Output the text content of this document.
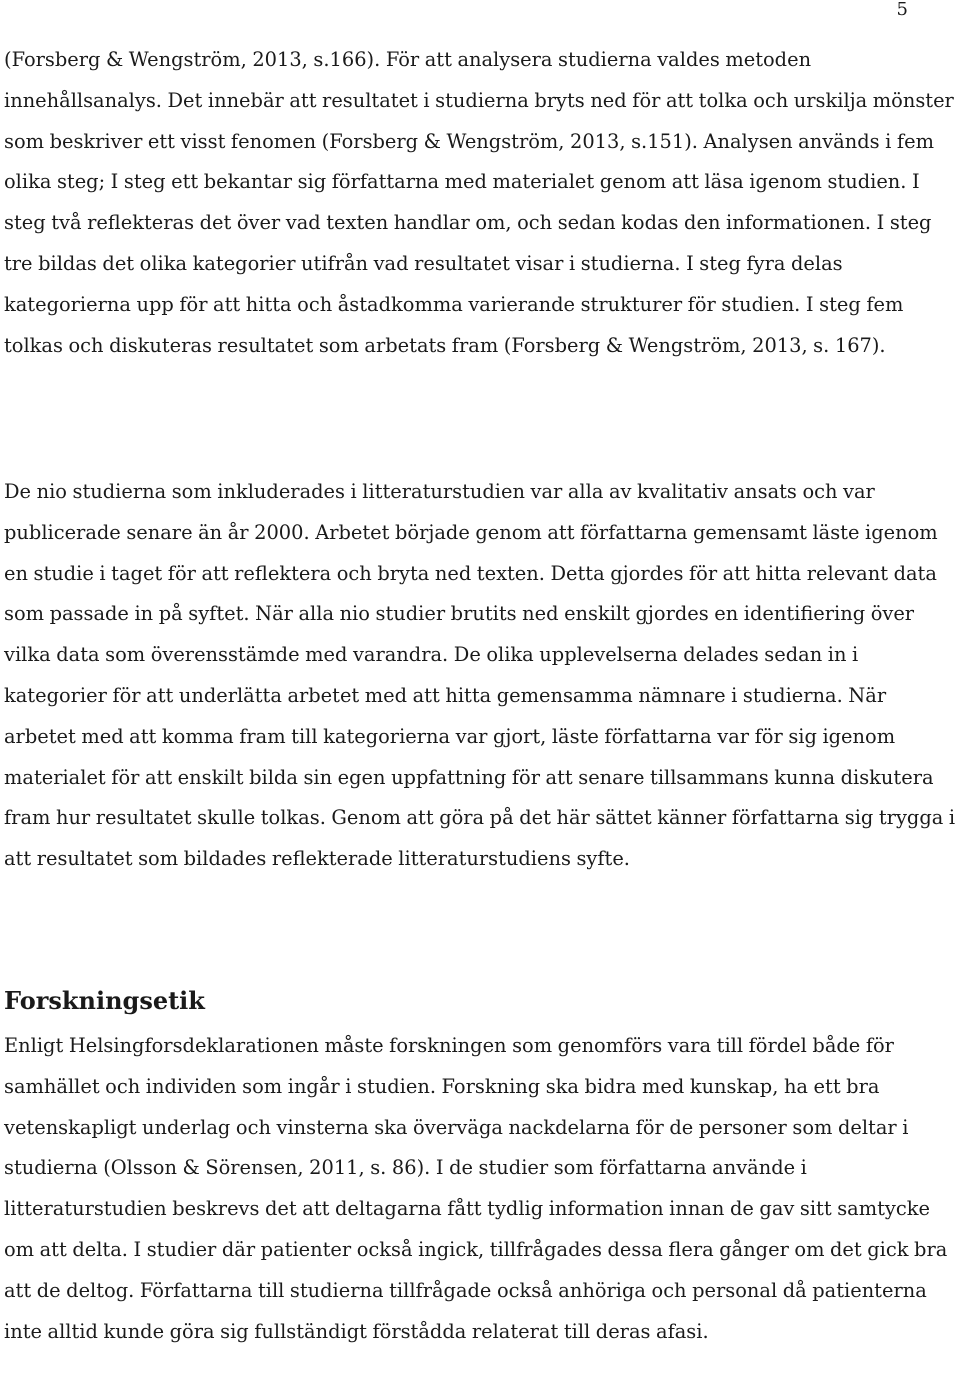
5

(Forsberg & Wengström, 2013, s.166). För att analysera studierna valdes metoden innehållsanalys. Det innebär att resultatet i studierna bryts ned för att tolka och urskilja mönster som beskriver ett visst fenomen (Forsberg & Wengström, 2013, s.151). Analysen används i fem olika steg; I steg ett bekantar sig författarna med materialet genom att läsa igenom studien. I steg två reflekteras det över vad texten handlar om, och sedan kodas den informationen. I steg tre bildas det olika kategorier utifrån vad resultatet visar i studierna. I steg fyra delas kategorierna upp för att hitta och åstadkomma varierande strukturer för studien. I steg fem tolkas och diskuteras resultatet som arbetats fram (Forsberg & Wengström, 2013, s. 167).

De nio studierna som inkluderades i litteraturstudien var alla av kvalitativ ansats och var publicerade senare än år 2000. Arbetet började genom att författarna gemensamt läste igenom en studie i taget för att reflektera och bryta ned texten. Detta gjordes för att hitta relevant data som passade in på syftet. När alla nio studier brutits ned enskilt gjordes en identifiering över vilka data som överensstämde med varandra. De olika upplevelserna delades sedan in i kategorier för att underlätta arbetet med att hitta gemensamma nämnare i studierna. När arbetet med att komma fram till kategorierna var gjort, läste författarna var för sig igenom materialet för att enskilt bilda sin egen uppfattning för att senare tillsammans kunna diskutera fram hur resultatet skulle tolkas. Genom att göra på det här sättet känner författarna sig trygga i att resultatet som bildades reflekterade litteraturstudiens syfte.

Forskningsetik

Enligt Helsingforsdeklarationen måste forskningen som genomförs vara till fördel både för samhället och individen som ingår i studien. Forskning ska bidra med kunskap, ha ett bra vetenskapligt underlag och vinsterna ska överväga nackdelarna för de personer som deltar i studierna (Olsson & Sörensen, 2011, s. 86). I de studier som författarna använde i litteraturstudien beskrevs det att deltagarna fått tydlig information innan de gav sitt samtycke om att delta. I studier där patienter också ingick, tillfrågades dessa flera gånger om det gick bra att de deltog. Författarna till studierna tillfrågade också anhöriga och personal då patienterna inte alltid kunde göra sig fullständigt förstådda relaterat till deras afasi.
